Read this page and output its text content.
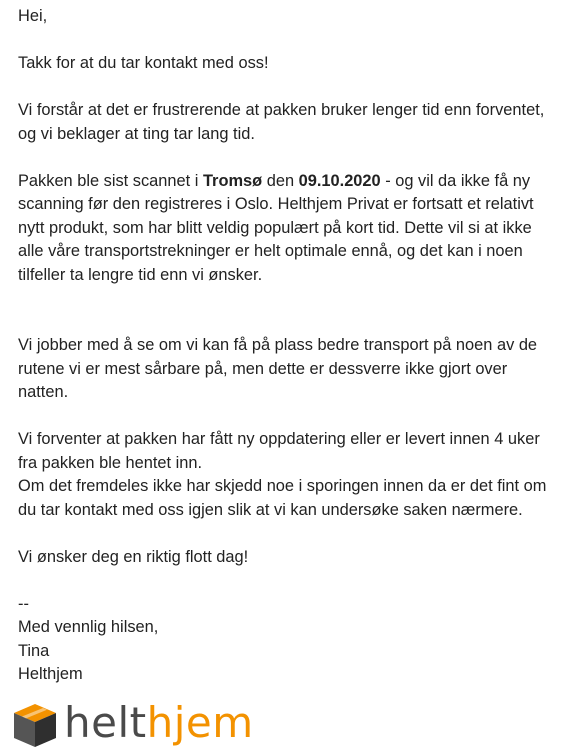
Hei,

Takk for at du tar kontakt med oss!

Vi forstår at det er frustrerende at pakken bruker lenger tid enn forventet, og vi beklager at ting tar lang tid.

Pakken ble sist scannet i Tromsø den 09.10.2020 - og vil da ikke få ny scanning før den registreres i Oslo. Helthjem Privat er fortsatt et relativt nytt produkt, som har blitt veldig populært på kort tid. Dette vil si at ikke alle våre transportstrekninger er helt optimale ennå, og det kan i noen tilfeller ta lengre tid enn vi ønsker.

Vi jobber med å se om vi kan få på plass bedre transport på noen av de rutene vi er mest sårbare på, men dette er dessverre ikke gjort over natten.

Vi forventer at pakken har fått ny oppdatering eller er levert innen 4 uker fra pakken ble hentet inn.

Om det fremdeles ikke har skjedd noe i sporingen innen da er det fint om du tar kontakt med oss igjen slik at vi kan undersøke saken nærmere.

Vi ønsker deg en riktig flott dag!

--

Med vennlig hilsen,

Tina

Helthjem

helthjem
